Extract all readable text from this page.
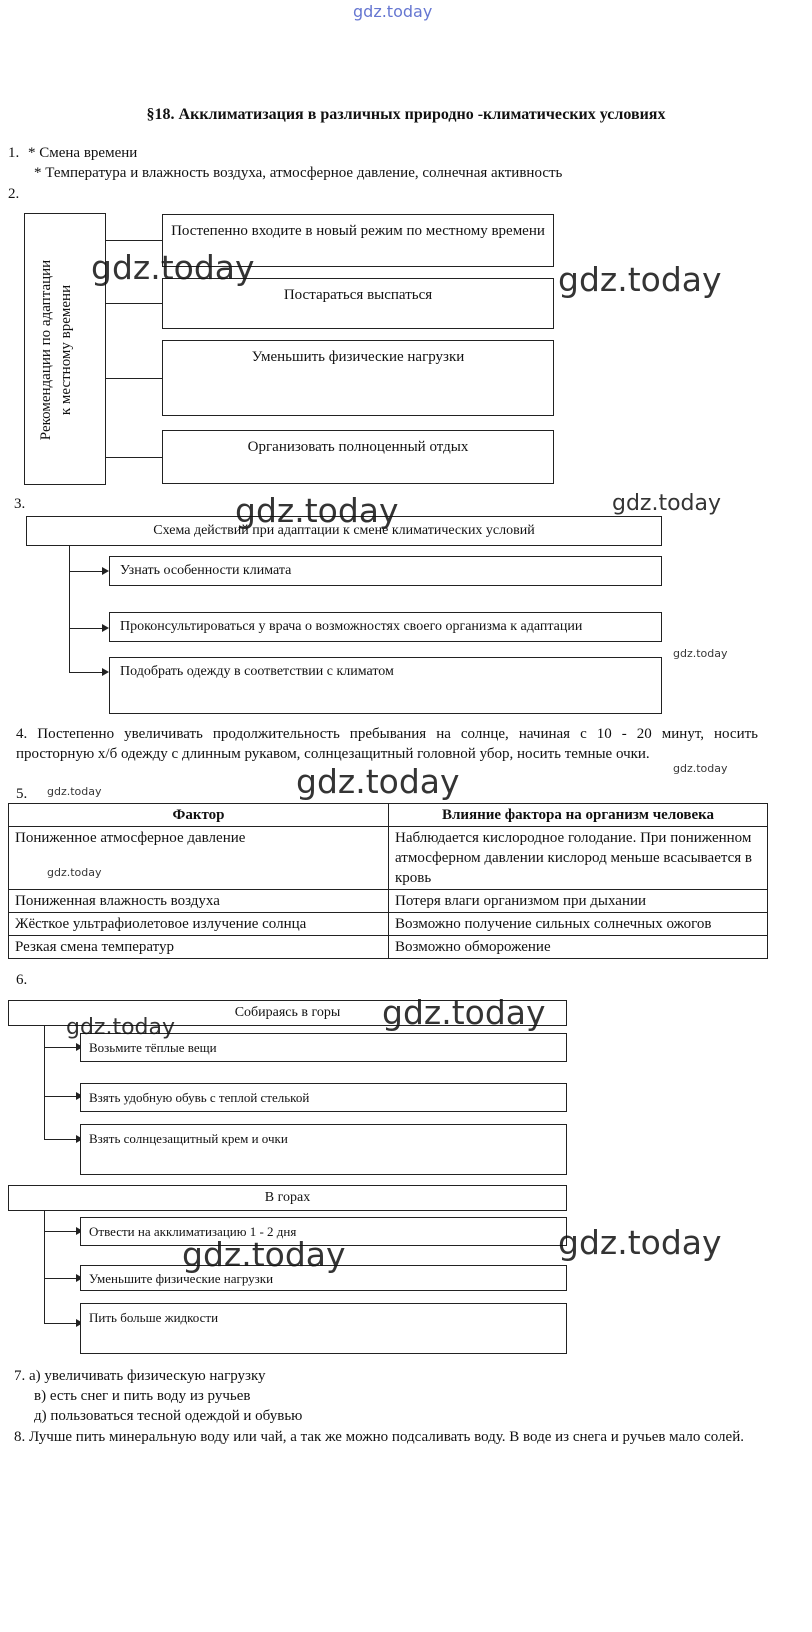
gdz.today
§18. Акклиматизация в различных природно -климатических условиях
1. * Смена времени
* Температура и влажность воздуха, атмосферное давление, солнечная активность
2.
Рекомендации по адаптации к местному времени
Постепенно входите в новый режим по местному времени
Постараться выспаться
Уменьшить физические нагрузки
Организовать полноценный отдых
3.
Схема действий при адаптации к смене климатических условий
Узнать особенности климата
Проконсультироваться у врача о возможностях своего организма к адаптации
Подобрать одежду в соответствии с климатом
4. Постепенно увеличивать продолжительность пребывания на солнце, начиная с 10 - 20 минут, носить просторную х/б одежду с длинным рукавом, солнцезащитный головной убор, носить темные очки.
5.
Фактор	Влияние фактора на организм человека
Пониженное атмосферное давление	Наблюдается кислородное голодание. При пониженном атмосферном давлении кислород меньше всасывается в кровь
Пониженная влажность воздуха	Потеря влаги организмом при дыхании
Жёсткое ультрафиолетовое излучение солнца	Возможно получение сильных солнечных ожогов
Резкая смена температур	Возможно обморожение
6.
Собираясь в горы
Возьмите тёплые вещи
Взять удобную обувь с теплой стелькой
Взять солнцезащитный крем и очки
В горах
Отвести на акклиматизацию 1 - 2 дня
Уменьшите физические нагрузки
Пить больше жидкости
7. а) увеличивать физическую нагрузку
в) есть снег и пить воду из ручьев
д) пользоваться тесной одеждой и обувью
8. Лучше пить минеральную воду или чай, а так же можно подсаливать воду. В воде из снега и ручьев мало солей.
gdz.today	gdz.today
gdz.today	gdz.today
gdz.today
gdz.today
gdz.today
gdz.today
gdz.today
gdz.today
gdz.today
gdz.today	gdz.today
